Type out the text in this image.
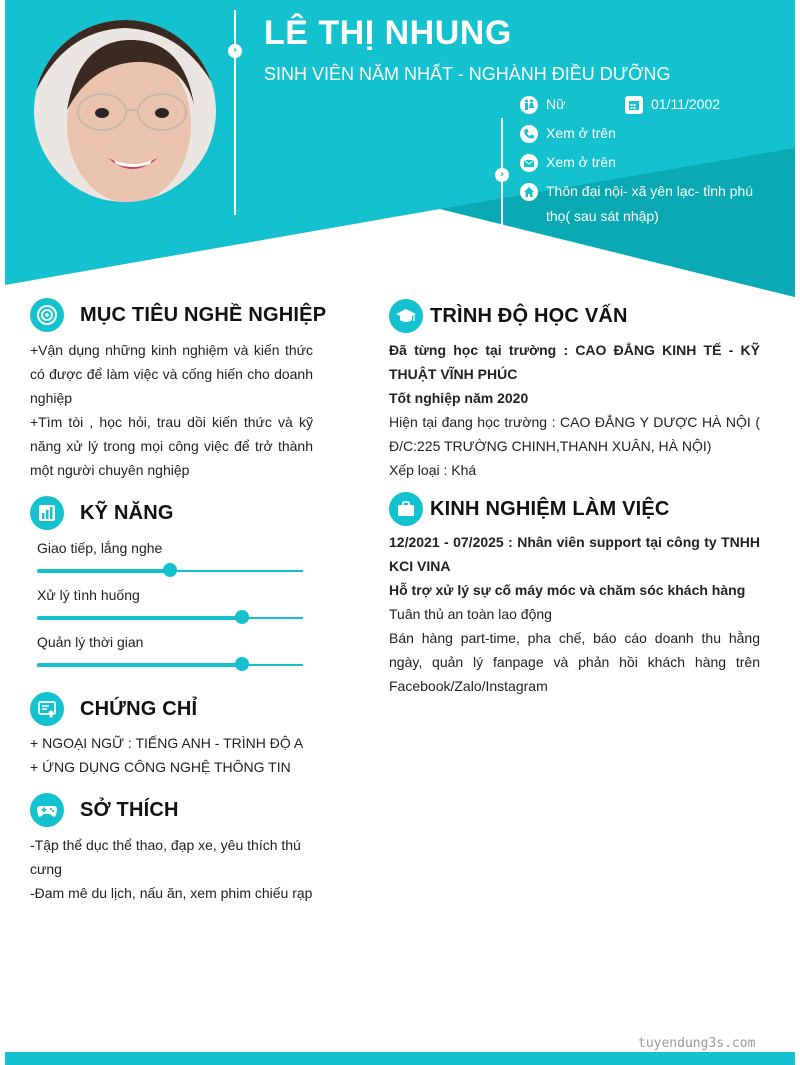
›
›
LÊ THỊ NHUNG
SINH VIÊN NĂM NHẤT - NGHÀNH ĐIỀU DƯỠNG
Nữ	01/11/2002
Xem ở trên
Xem ở trên
Thôn đại nội- xã yên lạc- tỉnh phú thọ( sau sát nhập)
MỤC TIÊU NGHỀ NGHIỆP

+Vận dụng những kinh nghiệm và kiến thức có được để làm việc và cống hiến cho doanh nghiệp

+Tìm tòi , học hỏi, trau dồi kiến thức và kỹ năng xử lý trong mọi công việc để trở thành một người chuyên nghiệp

KỸ NĂNG
Giao tiếp, lắng nghe
Xử lý tình huống
Quản lý thời gian
CHỨNG CHỈ

+ NGOẠI NGỮ : TIẾNG ANH - TRÌNH ĐỘ A

+ ỨNG DỤNG CÔNG NGHỆ THÔNG TIN

SỞ THÍCH

-Tập thể dục thể thao, đạp xe, yêu thích thú cưng

-Đam mê du lịch, nấu ăn, xem phim chiếu rạp

TRÌNH ĐỘ HỌC VẤN

Đã từng học tại trường : CAO ĐẲNG KINH TẾ - KỸ THUẬT VĨNH PHÚC

Tốt nghiệp năm 2020

Hiện tại đang học trường : CAO ĐẲNG Y DƯỢC HÀ NỘI ( Đ/C:225 TRƯỜNG CHINH,THANH XUÂN, HÀ NỘI)

Xếp loại : Khá

KINH NGHIỆM LÀM VIỆC

12/2021 - 07/2025 : Nhân viên support tại công ty TNHH KCI VINA

Hỗ trợ xử lý sự cố máy móc và chăm sóc khách hàng

Tuân thủ an toàn lao động

Bán hàng part-time, pha chế, báo cáo doanh thu hằng ngày, quản lý fanpage và phản hồi khách hàng trên Facebook/Zalo/Instagram

tuyendung3s.com
